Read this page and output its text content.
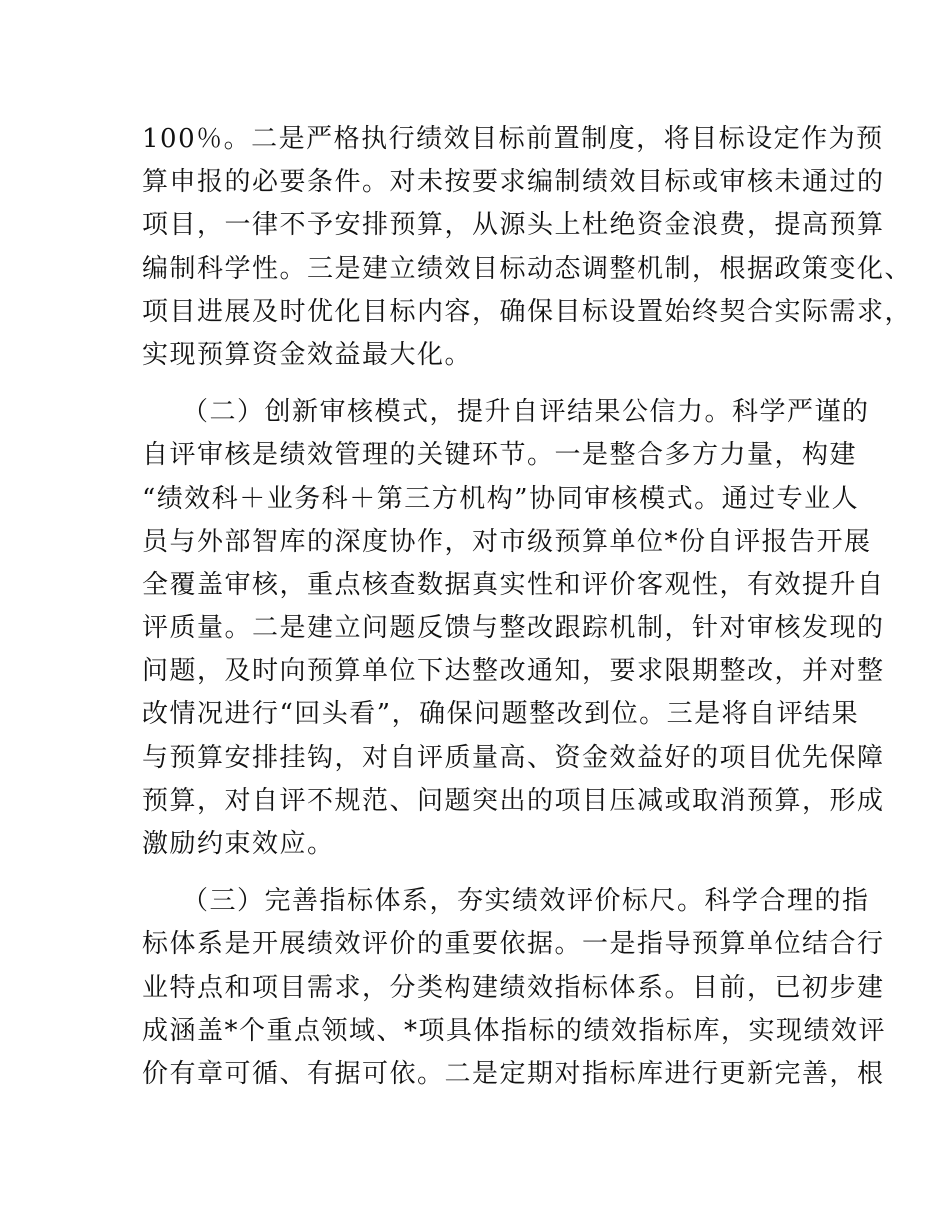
100％。二是严格执行绩效目标前置制度，将目标设定作为预
算申报的必要条件。对未按要求编制绩效目标或审核未通过的
项目，一律不予安排预算，从源头上杜绝资金浪费，提高预算
编制科学性。三是建立绩效目标动态调整机制，根据政策变化、
项目进展及时优化目标内容，确保目标设置始终契合实际需求，
实现预算资金效益最大化。
（二）创新审核模式，提升自评结果公信力。科学严谨的
自评审核是绩效管理的关键环节。一是整合多方力量，构建
“绩效科＋业务科＋第三方机构”协同审核模式。通过专业人
员与外部智库的深度协作，对市级预算单位*份自评报告开展
全覆盖审核，重点核查数据真实性和评价客观性，有效提升自
评质量。二是建立问题反馈与整改跟踪机制，针对审核发现的
问题，及时向预算单位下达整改通知，要求限期整改，并对整
改情况进行“回头看”，确保问题整改到位。三是将自评结果
与预算安排挂钩，对自评质量高、资金效益好的项目优先保障
预算，对自评不规范、问题突出的项目压减或取消预算，形成
激励约束效应。
（三）完善指标体系，夯实绩效评价标尺。科学合理的指
标体系是开展绩效评价的重要依据。一是指导预算单位结合行
业特点和项目需求，分类构建绩效指标体系。目前，已初步建
成涵盖*个重点领域、*项具体指标的绩效指标库，实现绩效评
价有章可循、有据可依。二是定期对指标库进行更新完善，根
